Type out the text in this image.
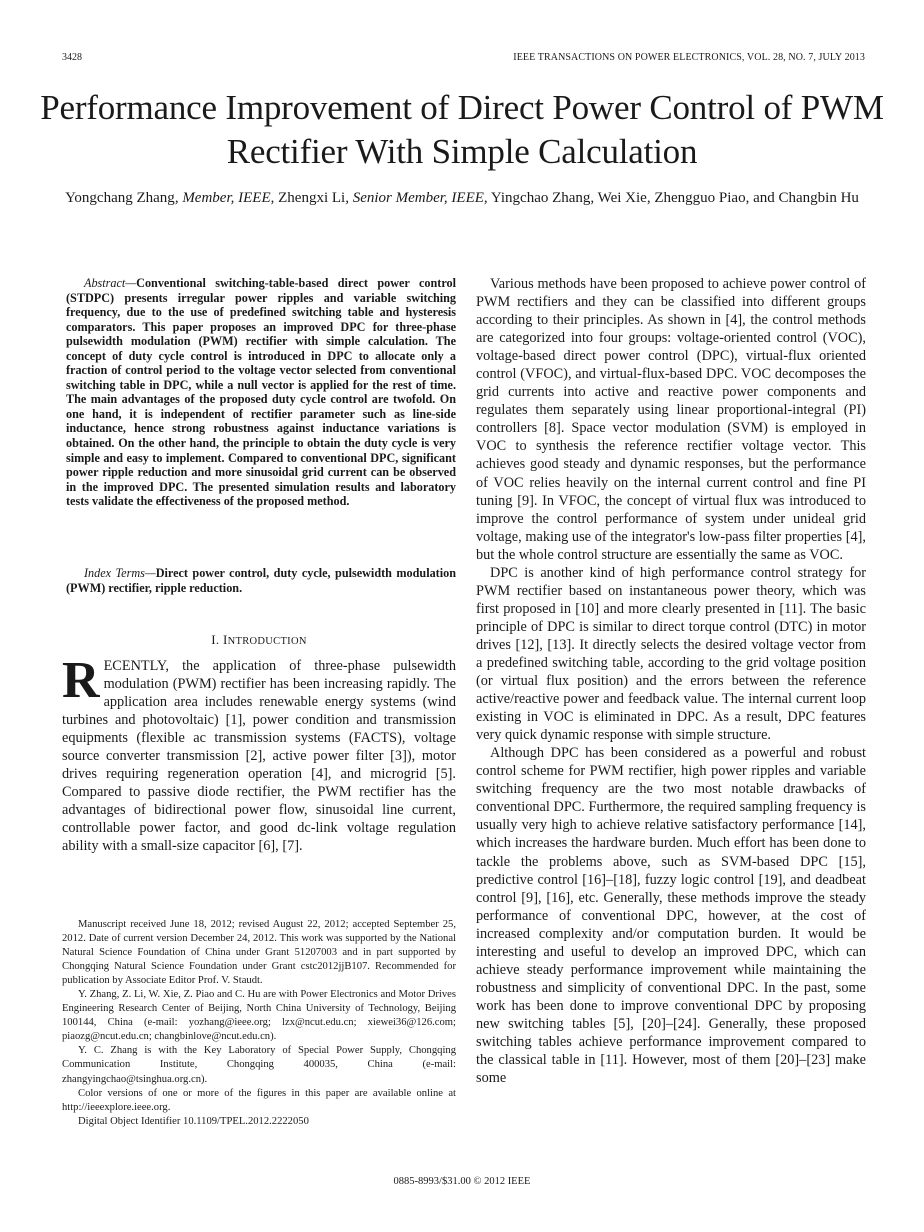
3428	IEEE TRANSACTIONS ON POWER ELECTRONICS, VOL. 28, NO. 7, JULY 2013
Performance Improvement of Direct Power Control of PWM Rectifier With Simple Calculation
Yongchang Zhang, Member, IEEE, Zhengxi Li, Senior Member, IEEE, Yingchao Zhang, Wei Xie, Zhengguo Piao, and Changbin Hu
Abstract—Conventional switching-table-based direct power control (STDPC) presents irregular power ripples and variable switching frequency, due to the use of predefined switching table and hysteresis comparators. This paper proposes an improved DPC for three-phase pulsewidth modulation (PWM) rectifier with simple calculation. The concept of duty cycle control is introduced in DPC to allocate only a fraction of control period to the voltage vector selected from conventional switching table in DPC, while a null vector is applied for the rest of time. The main advantages of the proposed duty cycle control are twofold. On one hand, it is independent of rectifier parameter such as line-side inductance, hence strong robustness against inductance variations is obtained. On the other hand, the principle to obtain the duty cycle is very simple and easy to implement. Compared to conventional DPC, significant power ripple reduction and more sinusoidal grid current can be observed in the improved DPC. The presented simulation results and laboratory tests validate the effectiveness of the proposed method.
Index Terms—Direct power control, duty cycle, pulsewidth modulation (PWM) rectifier, ripple reduction.
I. INTRODUCTION
RECENTLY, the application of three-phase pulsewidth modulation (PWM) rectifier has been increasing rapidly. The application area includes renewable energy systems (wind turbines and photovoltaic) [1], power condition and transmission equipments (flexible ac transmission systems (FACTS), voltage source converter transmission [2], active power filter [3]), motor drives requiring regeneration operation [4], and microgrid [5]. Compared to passive diode rectifier, the PWM rectifier has the advantages of bidirectional power flow, sinusoidal line current, controllable power factor, and good dc-link voltage regulation ability with a small-size capacitor [6], [7].

Manuscript received June 18, 2012; revised August 22, 2012; accepted September 25, 2012. Date of current version December 24, 2012. This work was supported by the National Natural Science Foundation of China under Grant 51207003 and in part supported by Chongqing Natural Science Foundation under Grant cstc2012jjB107. Recommended for publication by Associate Editor Prof. V. Staudt.

Y. Zhang, Z. Li, W. Xie, Z. Piao and C. Hu are with Power Electronics and Motor Drives Engineering Research Center of Beijing, North China University of Technology, Beijing 100144, China (e-mail: yozhang@ieee.org; lzx@ncut.edu.cn; xiewei36@126.com; piaozg@ncut.edu.cn; changbinlove@ncut.edu.cn).

Y. C. Zhang is with the Key Laboratory of Special Power Supply, Chongqing Communication Institute, Chongqing 400035, China (e-mail: zhangyingchao@tsinghua.org.cn).

Color versions of one or more of the figures in this paper are available online at http://ieeexplore.ieee.org.

Digital Object Identifier 10.1109/TPEL.2012.2222050

Various methods have been proposed to achieve power control of PWM rectifiers and they can be classified into different groups according to their principles. As shown in [4], the control methods are categorized into four groups: voltage-oriented control (VOC), voltage-based direct power control (DPC), virtual-flux oriented control (VFOC), and virtual-flux-based DPC. VOC decomposes the grid currents into active and reactive power components and regulates them separately using linear proportional-integral (PI) controllers [8]. Space vector modulation (SVM) is employed in VOC to synthesis the reference rectifier voltage vector. This achieves good steady and dynamic responses, but the performance of VOC relies heavily on the internal current control and fine PI tuning [9]. In VFOC, the concept of virtual flux was introduced to improve the control performance of system under unideal grid voltage, making use of the integrator's low-pass filter properties [4], but the whole control structure are essentially the same as VOC.

DPC is another kind of high performance control strategy for PWM rectifier based on instantaneous power theory, which was first proposed in [10] and more clearly presented in [11]. The basic principle of DPC is similar to direct torque control (DTC) in motor drives [12], [13]. It directly selects the desired voltage vector from a predefined switching table, according to the grid voltage position (or virtual flux position) and the errors between the reference active/reactive power and feedback value. The internal current loop existing in VOC is eliminated in DPC. As a result, DPC features very quick dynamic response with simple structure.

Although DPC has been considered as a powerful and robust control scheme for PWM rectifier, high power ripples and variable switching frequency are the two most notable drawbacks of conventional DPC. Furthermore, the required sampling frequency is usually very high to achieve relative satisfactory performance [14], which increases the hardware burden. Much effort has been done to tackle the problems above, such as SVM-based DPC [15], predictive control [16]–[18], fuzzy logic control [19], and deadbeat control [9], [16], etc. Generally, these methods improve the steady performance of conventional DPC, however, at the cost of increased complexity and/or computation burden. It would be interesting and useful to develop an improved DPC, which can achieve steady performance improvement while maintaining the robustness and simplicity of conventional DPC. In the past, some work has been done to improve conventional DPC by proposing new switching tables [5], [20]–[24]. Generally, these proposed switching tables achieve performance improvement compared to the classical table in [11]. However, most of them [20]–[23] make some

0885-8993/$31.00 © 2012 IEEE
